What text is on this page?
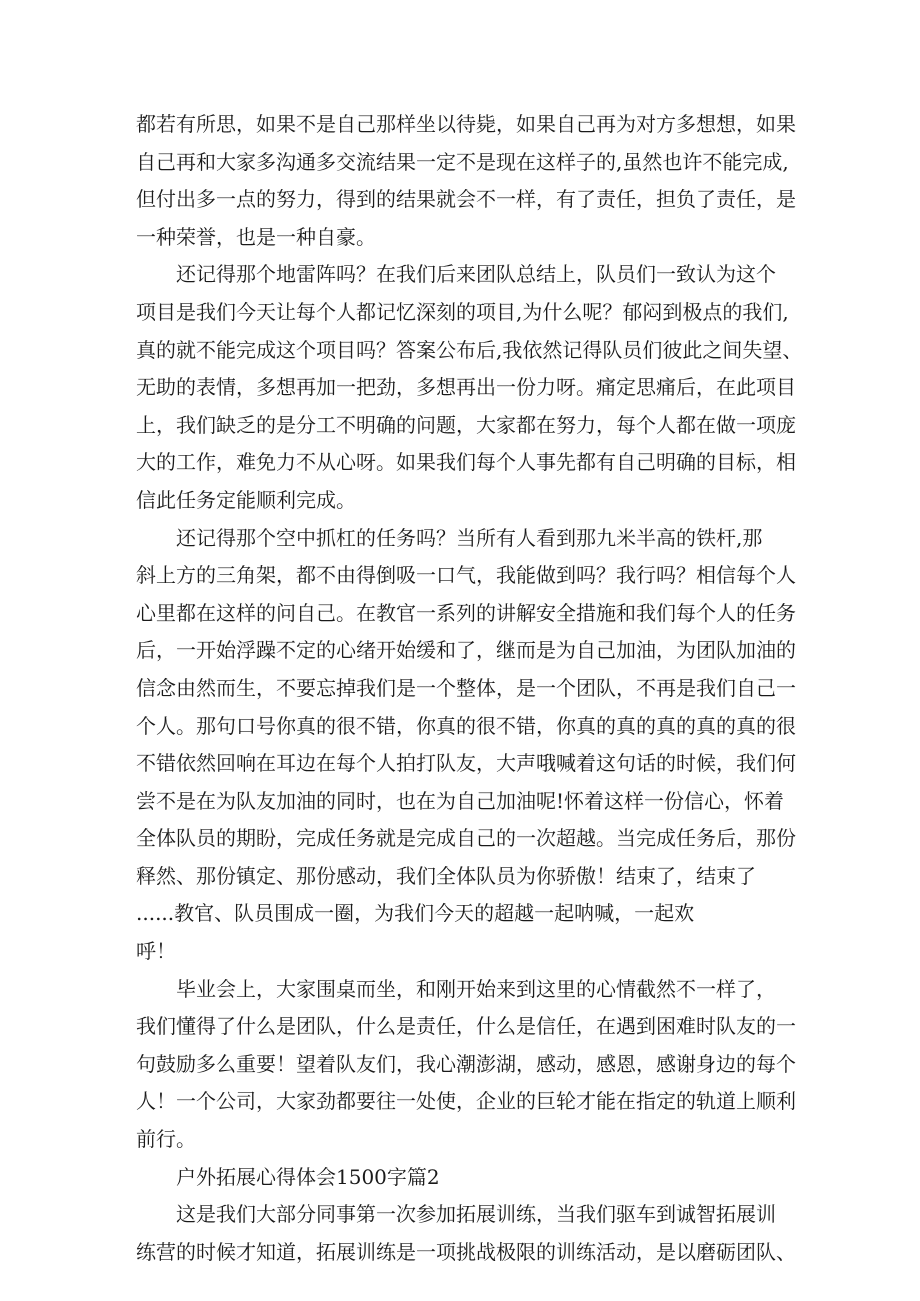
都若有所思，如果不是自己那样坐以待毙，如果自己再为对方多想想，如果
自己再和大家多沟通多交流结果一定不是现在这样子的,虽然也许不能完成,
但付出多一点的努力，得到的结果就会不一样，有了责任，担负了责任，是
一种荣誉，也是一种自豪。

还记得那个地雷阵吗？在我们后来团队总结上，队员们一致认为这个
项目是我们今天让每个人都记忆深刻的项目,为什么呢？郁闷到极点的我们,
真的就不能完成这个项目吗？答案公布后,我依然记得队员们彼此之间失望、
无助的表情，多想再加一把劲，多想再出一份力呀。痛定思痛后，在此项目
上，我们缺乏的是分工不明确的问题，大家都在努力，每个人都在做一项庞
大的工作，难免力不从心呀。如果我们每个人事先都有自己明确的目标，相
信此任务定能顺利完成。

还记得那个空中抓杠的任务吗？当所有人看到那九米半高的铁杆,那
斜上方的三角架，都不由得倒吸一口气，我能做到吗？我行吗？相信每个人
心里都在这样的问自己。在教官一系列的讲解安全措施和我们每个人的任务
后，一开始浮躁不定的心绪开始缓和了，继而是为自己加油，为团队加油的
信念由然而生，不要忘掉我们是一个整体，是一个团队，不再是我们自己一
个人。那句口号你真的很不错，你真的很不错，你真的真的真的真的真的很
不错依然回响在耳边在每个人拍打队友，大声哦喊着这句话的时候，我们何
尝不是在为队友加油的同时，也在为自己加油呢!怀着这样一份信心，怀着
全体队员的期盼，完成任务就是完成自己的一次超越。当完成任务后，那份
释然、那份镇定、那份感动，我们全体队员为你骄傲！结束了，结束了
......教官、队员围成一圈，为我们今天的超越一起呐喊，一起欢
呼！

毕业会上，大家围桌而坐，和刚开始来到这里的心情截然不一样了，
我们懂得了什么是团队，什么是责任，什么是信任，在遇到困难时队友的一
句鼓励多么重要！望着队友们，我心潮澎湖，感动，感恩，感谢身边的每个
人！一个公司，大家劲都要往一处使，企业的巨轮才能在指定的轨道上顺利
前行。

户外拓展心得体会1500字篇2

这是我们大部分同事第一次参加拓展训练，当我们驱车到诚智拓展训
练营的时候才知道，拓展训练是一项挑战极限的训练活动，是以磨砺团队、
